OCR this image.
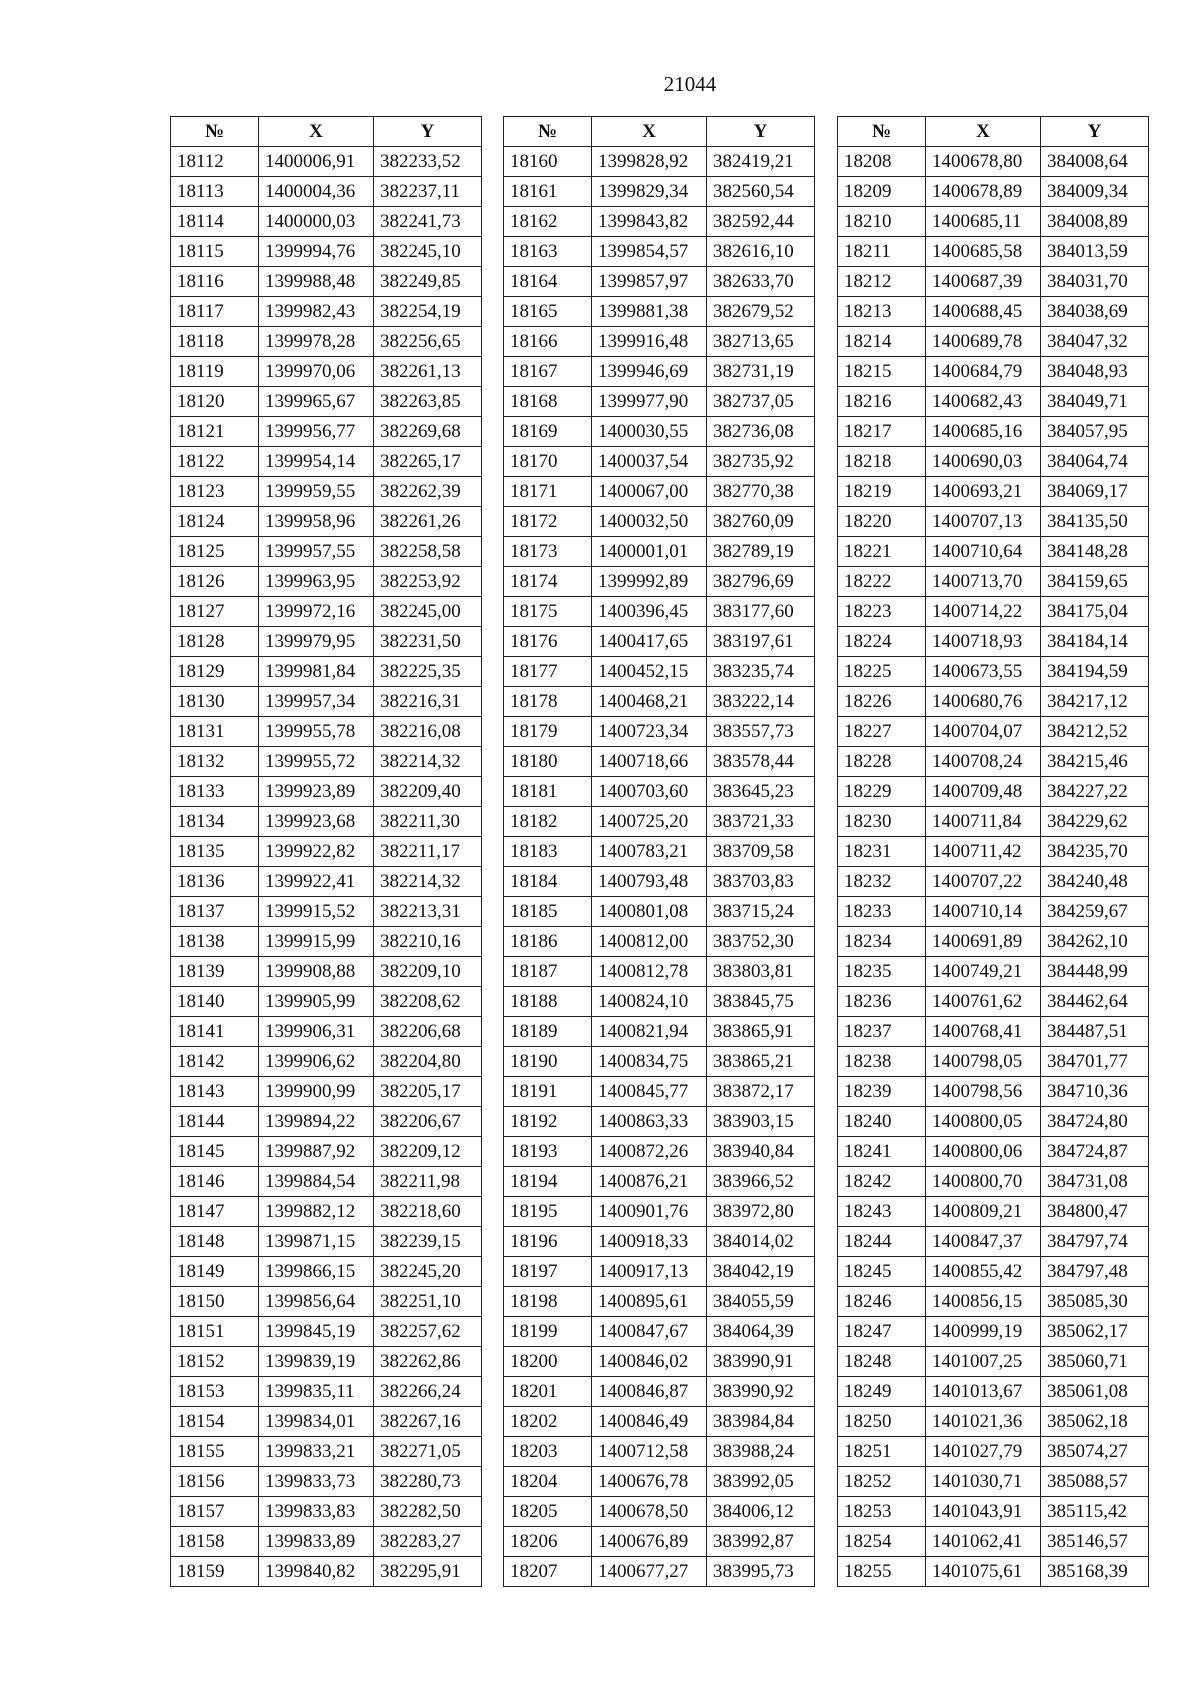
21044
№	X	Y
18112	1400006,91	382233,52
18113	1400004,36	382237,11
18114	1400000,03	382241,73
18115	1399994,76	382245,10
18116	1399988,48	382249,85
18117	1399982,43	382254,19
18118	1399978,28	382256,65
18119	1399970,06	382261,13
18120	1399965,67	382263,85
18121	1399956,77	382269,68
18122	1399954,14	382265,17
18123	1399959,55	382262,39
18124	1399958,96	382261,26
18125	1399957,55	382258,58
18126	1399963,95	382253,92
18127	1399972,16	382245,00
18128	1399979,95	382231,50
18129	1399981,84	382225,35
18130	1399957,34	382216,31
18131	1399955,78	382216,08
18132	1399955,72	382214,32
18133	1399923,89	382209,40
18134	1399923,68	382211,30
18135	1399922,82	382211,17
18136	1399922,41	382214,32
18137	1399915,52	382213,31
18138	1399915,99	382210,16
18139	1399908,88	382209,10
18140	1399905,99	382208,62
18141	1399906,31	382206,68
18142	1399906,62	382204,80
18143	1399900,99	382205,17
18144	1399894,22	382206,67
18145	1399887,92	382209,12
18146	1399884,54	382211,98
18147	1399882,12	382218,60
18148	1399871,15	382239,15
18149	1399866,15	382245,20
18150	1399856,64	382251,10
18151	1399845,19	382257,62
18152	1399839,19	382262,86
18153	1399835,11	382266,24
18154	1399834,01	382267,16
18155	1399833,21	382271,05
18156	1399833,73	382280,73
18157	1399833,83	382282,50
18158	1399833,89	382283,27
18159	1399840,82	382295,91
№	X	Y
18160	1399828,92	382419,21
18161	1399829,34	382560,54
18162	1399843,82	382592,44
18163	1399854,57	382616,10
18164	1399857,97	382633,70
18165	1399881,38	382679,52
18166	1399916,48	382713,65
18167	1399946,69	382731,19
18168	1399977,90	382737,05
18169	1400030,55	382736,08
18170	1400037,54	382735,92
18171	1400067,00	382770,38
18172	1400032,50	382760,09
18173	1400001,01	382789,19
18174	1399992,89	382796,69
18175	1400396,45	383177,60
18176	1400417,65	383197,61
18177	1400452,15	383235,74
18178	1400468,21	383222,14
18179	1400723,34	383557,73
18180	1400718,66	383578,44
18181	1400703,60	383645,23
18182	1400725,20	383721,33
18183	1400783,21	383709,58
18184	1400793,48	383703,83
18185	1400801,08	383715,24
18186	1400812,00	383752,30
18187	1400812,78	383803,81
18188	1400824,10	383845,75
18189	1400821,94	383865,91
18190	1400834,75	383865,21
18191	1400845,77	383872,17
18192	1400863,33	383903,15
18193	1400872,26	383940,84
18194	1400876,21	383966,52
18195	1400901,76	383972,80
18196	1400918,33	384014,02
18197	1400917,13	384042,19
18198	1400895,61	384055,59
18199	1400847,67	384064,39
18200	1400846,02	383990,91
18201	1400846,87	383990,92
18202	1400846,49	383984,84
18203	1400712,58	383988,24
18204	1400676,78	383992,05
18205	1400678,50	384006,12
18206	1400676,89	383992,87
18207	1400677,27	383995,73
№	X	Y
18208	1400678,80	384008,64
18209	1400678,89	384009,34
18210	1400685,11	384008,89
18211	1400685,58	384013,59
18212	1400687,39	384031,70
18213	1400688,45	384038,69
18214	1400689,78	384047,32
18215	1400684,79	384048,93
18216	1400682,43	384049,71
18217	1400685,16	384057,95
18218	1400690,03	384064,74
18219	1400693,21	384069,17
18220	1400707,13	384135,50
18221	1400710,64	384148,28
18222	1400713,70	384159,65
18223	1400714,22	384175,04
18224	1400718,93	384184,14
18225	1400673,55	384194,59
18226	1400680,76	384217,12
18227	1400704,07	384212,52
18228	1400708,24	384215,46
18229	1400709,48	384227,22
18230	1400711,84	384229,62
18231	1400711,42	384235,70
18232	1400707,22	384240,48
18233	1400710,14	384259,67
18234	1400691,89	384262,10
18235	1400749,21	384448,99
18236	1400761,62	384462,64
18237	1400768,41	384487,51
18238	1400798,05	384701,77
18239	1400798,56	384710,36
18240	1400800,05	384724,80
18241	1400800,06	384724,87
18242	1400800,70	384731,08
18243	1400809,21	384800,47
18244	1400847,37	384797,74
18245	1400855,42	384797,48
18246	1400856,15	385085,30
18247	1400999,19	385062,17
18248	1401007,25	385060,71
18249	1401013,67	385061,08
18250	1401021,36	385062,18
18251	1401027,79	385074,27
18252	1401030,71	385088,57
18253	1401043,91	385115,42
18254	1401062,41	385146,57
18255	1401075,61	385168,39
